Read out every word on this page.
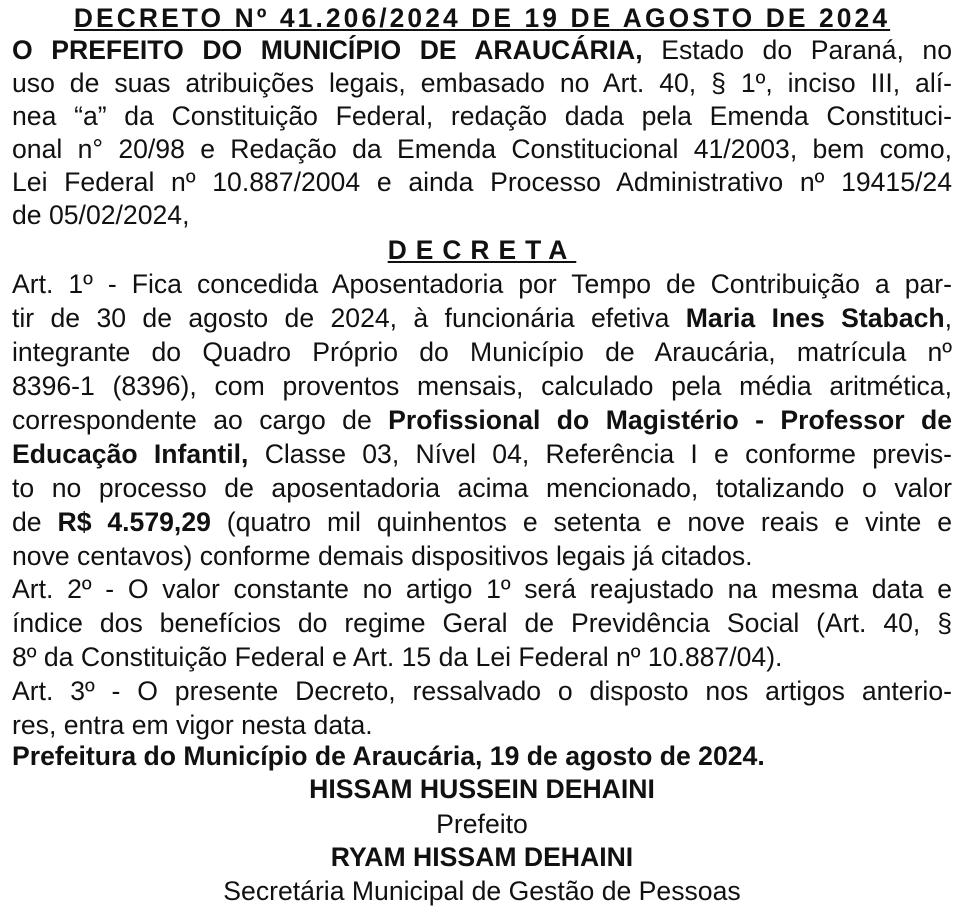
DECRETO Nº 41.206/2024 DE 19 DE AGOSTO DE 2024
O PREFEITO DO MUNICÍPIO DE ARAUCÁRIA, Estado do Paraná, no
uso de suas atribuições legais, embasado no Art. 40, § 1º, inciso III, alí-
nea “a” da Constituição Federal, redação dada pela Emenda Constituci-
onal n° 20/98 e Redação da Emenda Constitucional 41/2003, bem como,
Lei Federal nº 10.887/2004 e ainda Processo Administrativo nº 19415/24
de 05/02/2024,
DECRETA
Art. 1º - Fica concedida Aposentadoria por Tempo de Contribuição a par-
tir de 30 de agosto de 2024, à funcionária efetiva Maria Ines Stabach,
integrante do Quadro Próprio do Município de Araucária, matrícula nº
8396-1 (8396), com proventos mensais, calculado pela média aritmética,
correspondente ao cargo de Profissional do Magistério - Professor de
Educação Infantil, Classe 03, Nível 04, Referência I e conforme previs-
to no processo de aposentadoria acima mencionado, totalizando o valor
de R$ 4.579,29 (quatro mil quinhentos e setenta e nove reais e vinte e
nove centavos) conforme demais dispositivos legais já citados.
Art. 2º - O valor constante no artigo 1º será reajustado na mesma data e
índice dos benefícios do regime Geral de Previdência Social (Art. 40, §
8º da Constituição Federal e Art. 15 da Lei Federal nº 10.887/04).
Art. 3º - O presente Decreto, ressalvado o disposto nos artigos anterio-
res, entra em vigor nesta data.
Prefeitura do Município de Araucária, 19 de agosto de 2024.
HISSAM HUSSEIN DEHAINI
Prefeito
RYAM HISSAM DEHAINI
Secretária Municipal de Gestão de Pessoas
